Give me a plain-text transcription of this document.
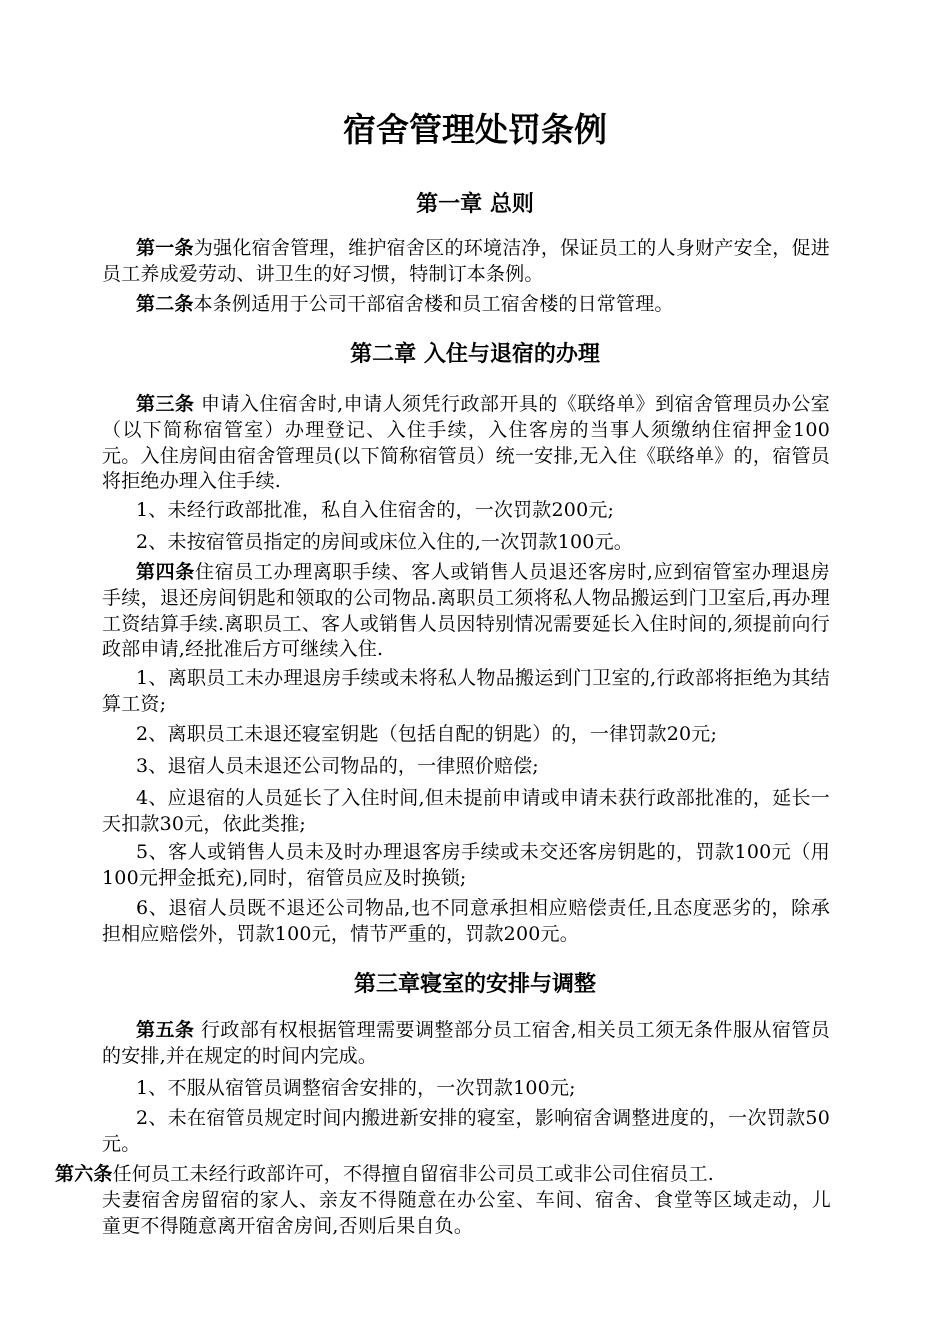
宿舍管理处罚条例
第一章 总则
第一条为强化宿舍管理，维护宿舍区的环境洁净，保证员工的人身财产安全，促进员工养成爱劳动、讲卫生的好习惯，特制订本条例。
第二条本条例适用于公司干部宿舍楼和员工宿舍楼的日常管理。
第二章 入住与退宿的办理
第三条 申请入住宿舍时,申请人须凭行政部开具的《联络单》到宿舍管理员办公室（以下简称宿管室）办理登记、入住手续，入住客房的当事人须缴纳住宿押金100元。入住房间由宿舍管理员(以下简称宿管员）统一安排,无入住《联络单》的，宿管员将拒绝办理入住手续.
1、未经行政部批准，私自入住宿舍的，一次罚款200元;
2、未按宿管员指定的房间或床位入住的,一次罚款100元。
第四条住宿员工办理离职手续、客人或销售人员退还客房时,应到宿管室办理退房手续，退还房间钥匙和领取的公司物品.离职员工须将私人物品搬运到门卫室后,再办理工资结算手续.离职员工、客人或销售人员因特别情况需要延长入住时间的,须提前向行政部申请,经批准后方可继续入住.
1、离职员工未办理退房手续或未将私人物品搬运到门卫室的,行政部将拒绝为其结算工资;
2、离职员工未退还寝室钥匙（包括自配的钥匙）的，一律罚款20元;
3、退宿人员未退还公司物品的，一律照价赔偿;
4、应退宿的人员延长了入住时间,但未提前申请或申请未获行政部批准的，延长一天扣款30元，依此类推;
5、客人或销售人员未及时办理退客房手续或未交还客房钥匙的，罚款100元（用100元押金抵充),同时，宿管员应及时换锁;
6、退宿人员既不退还公司物品,也不同意承担相应赔偿责任,且态度恶劣的，除承担相应赔偿外，罚款100元，情节严重的，罚款200元。
第三章寝室的安排与调整
第五条 行政部有权根据管理需要调整部分员工宿舍,相关员工须无条件服从宿管员的安排,并在规定的时间内完成。
1、不服从宿管员调整宿舍安排的，一次罚款100元;
2、未在宿管员规定时间内搬进新安排的寝室，影响宿舍调整进度的，一次罚款50元。
第六条任何员工未经行政部许可，不得擅自留宿非公司员工或非公司住宿员工.
夫妻宿舍房留宿的家人、亲友不得随意在办公室、车间、宿舍、食堂等区域走动，儿童更不得随意离开宿舍房间,否则后果自负。
